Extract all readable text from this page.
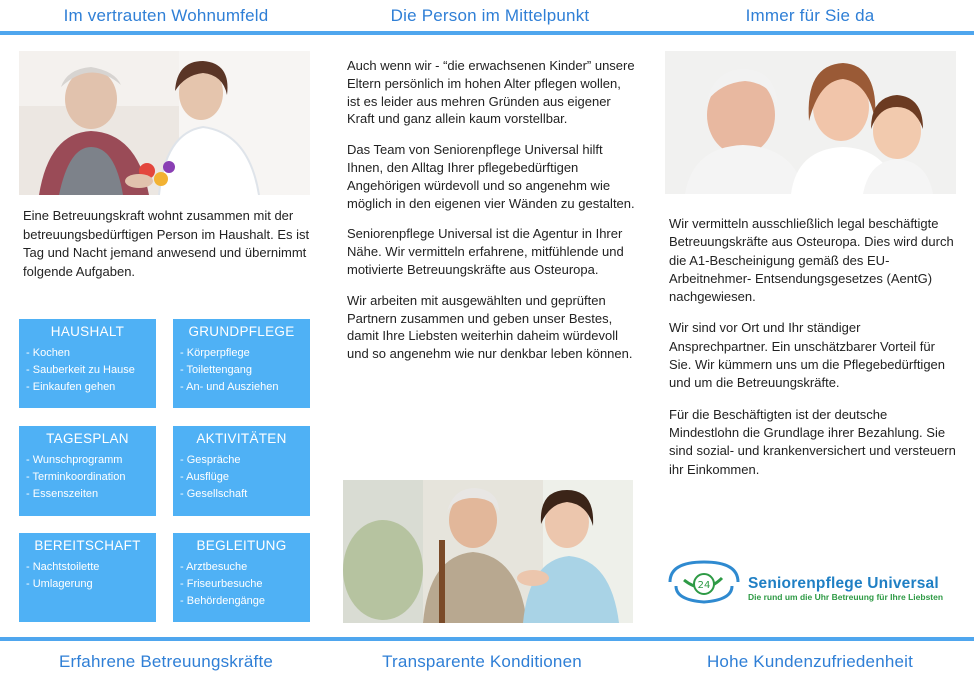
Im vertrauten Wohnumfeld	Die Person im Mittelpunkt	Immer für Sie da
Eine Betreuungskraft wohnt zusammen mit der betreuungsbedürftigen Person im Haushalt. Es ist Tag und Nacht jemand anwesend und übernimmt folgende Aufgaben.
HAUSHALT
- Kochen
- Sauberkeit zu Hause
- Einkaufen gehen
GRUNDPFLEGE
- Körperpflege
- Toilettengang
- An- und Ausziehen
TAGESPLAN
- Wunschprogramm
- Terminkoordination
- Essenszeiten
AKTIVITÄTEN
- Gespräche
- Ausflüge
- Gesellschaft
BEREITSCHAFT
- Nachtstoilette
- Umlagerung
BEGLEITUNG
- Arztbesuche
- Friseurbesuche
- Behördengänge

Auch wenn wir - “die erwachsenen Kinder” unsere Eltern persönlich im hohen Alter pflegen wollen, ist es leider aus mehren Gründen aus eigener Kraft und ganz allein kaum vorstellbar.

Das Team von Seniorenpflege Universal hilft Ihnen, den Alltag Ihrer pflegebedürftigen Angehörigen würdevoll und so angenehm wie möglich in den eigenen vier Wänden zu gestalten.

Seniorenpflege Universal ist die Agentur in Ihrer Nähe. Wir vermitteln erfahrene, mitfühlende und motivierte Betreuungskräfte aus Osteuropa.

Wir arbeiten mit ausgewählten und geprüften Partnern zusammen und geben unser Bestes, damit Ihre Liebsten weiterhin daheim würdevoll und so angenehm wie nur denkbar leben können.

Wir vermitteln ausschließlich legal beschäftigte Betreuungskräfte aus Osteuropa. Dies wird durch die A1-Bescheinigung gemäß des EU-Arbeitnehmer- Entsendungsgesetzes (AentG) nachgewiesen.

Wir sind vor Ort und Ihr ständiger Ansprechpartner. Ein unschätzbarer Vorteil für Sie. Wir kümmern uns um die Pflegebedürftigen und um die Betreuungskräfte.

Für die Beschäftigten ist der deutsche Mindestlohn die Grundlage ihrer Bezahlung. Sie sind sozial- und krankenversichert und versteuern ihr Einkommen.

24 Seniorenpflege Universal
Die rund um die Uhr Betreuung für Ihre Liebsten
Erfahrene Betreuungskräfte	Transparente Konditionen	Hohe Kundenzufriedenheit
